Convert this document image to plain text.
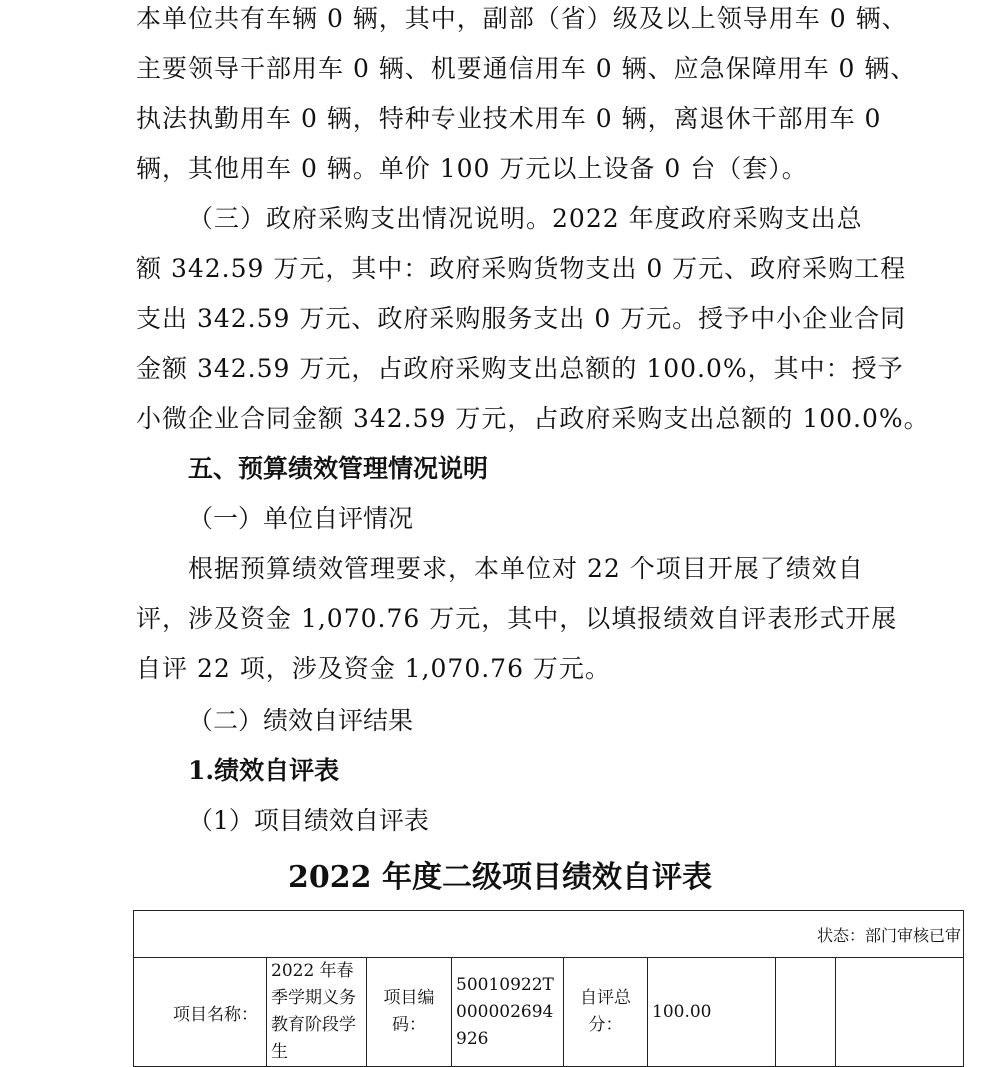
本单位共有车辆 0 辆，其中，副部（省）级及以上领导用车 0 辆、
主要领导干部用车 0 辆、机要通信用车 0 辆、应急保障用车 0 辆、
执法执勤用车 0 辆，特种专业技术用车 0 辆，离退休干部用车 0
辆，其他用车 0 辆。单价 100 万元以上设备 0 台（套）。
（三）政府采购支出情况说明。2022 年度政府采购支出总
额 342.59 万元，其中：政府采购货物支出 0 万元、政府采购工程
支出 342.59 万元、政府采购服务支出 0 万元。授予中小企业合同
金额 342.59 万元，占政府采购支出总额的 100.0%，其中：授予
小微企业合同金额 342.59 万元，占政府采购支出总额的 100.0%。
五、预算绩效管理情况说明
（一）单位自评情况
根据预算绩效管理要求，本单位对 22 个项目开展了绩效自
评，涉及资金 1,070.76 万元，其中，以填报绩效自评表形式开展
自评 22 项，涉及资金 1,070.76 万元。
（二）绩效自评结果
1.绩效自评表
（1）项目绩效自评表
2022 年度二级项目绩效自评表
状态：部门审核已审
项目名称：	2022 年春季学期义务教育阶段学生	项目编码：	50010922T000002694926	自评总分：	100.00		
